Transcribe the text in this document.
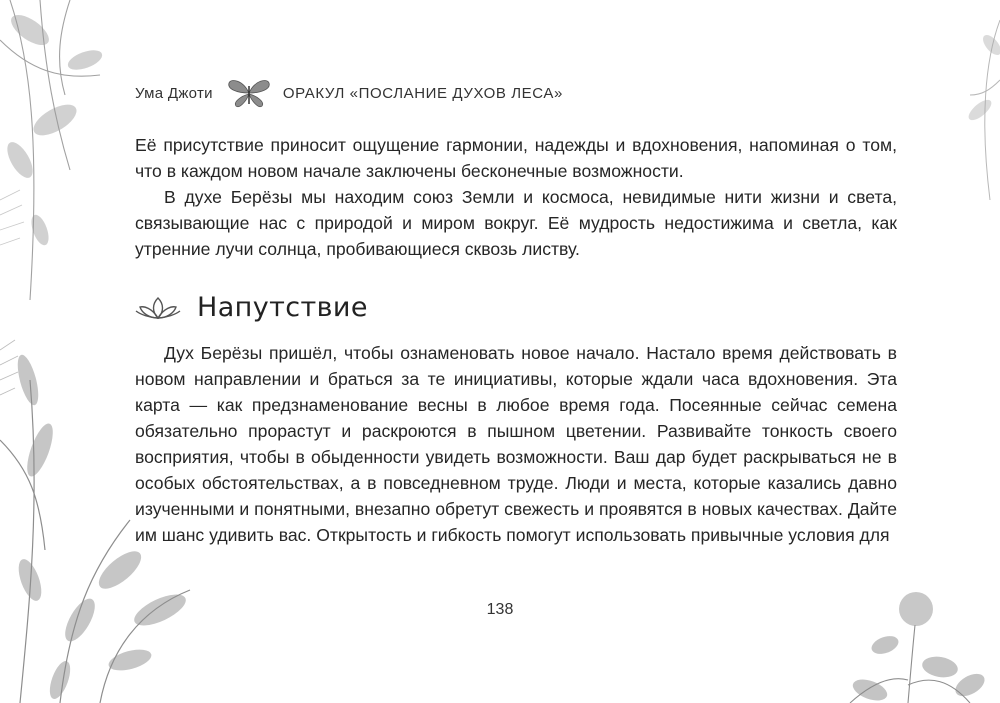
Ума Джоти	ОРАКУЛ «ПОСЛАНИЕ ДУХОВ ЛЕСА»

Её присутствие приносит ощущение гармонии, надежды и вдохновения, напоминая о том, что в каждом новом начале заключены бесконечные возможности.

В духе Берёзы мы находим союз Земли и космоса, невидимые нити жизни и света, связывающие нас с природой и миром вокруг. Её мудрость недостижима и светла, как утренние лучи солнца, пробивающиеся сквозь листву.

Напутствие

Дух Берёзы пришёл, чтобы ознаменовать новое начало. Настало время действовать в новом направлении и браться за те инициативы, которые ждали часа вдохновения. Эта карта — как предзнаменование весны в любое время года. Посеянные сейчас семена обязательно прорастут и раскроются в пышном цветении. Развивайте тонкость своего восприятия, чтобы в обыденности увидеть возможности. Ваш дар будет раскрываться не в особых обстоятельствах, а в повседневном труде. Люди и места, которые казались давно изученными и понятными, внезапно обретут свежесть и проявятся в новых качествах. Дайте им шанс удивить вас. Открытость и гибкость помогут использовать привычные условия для

138
